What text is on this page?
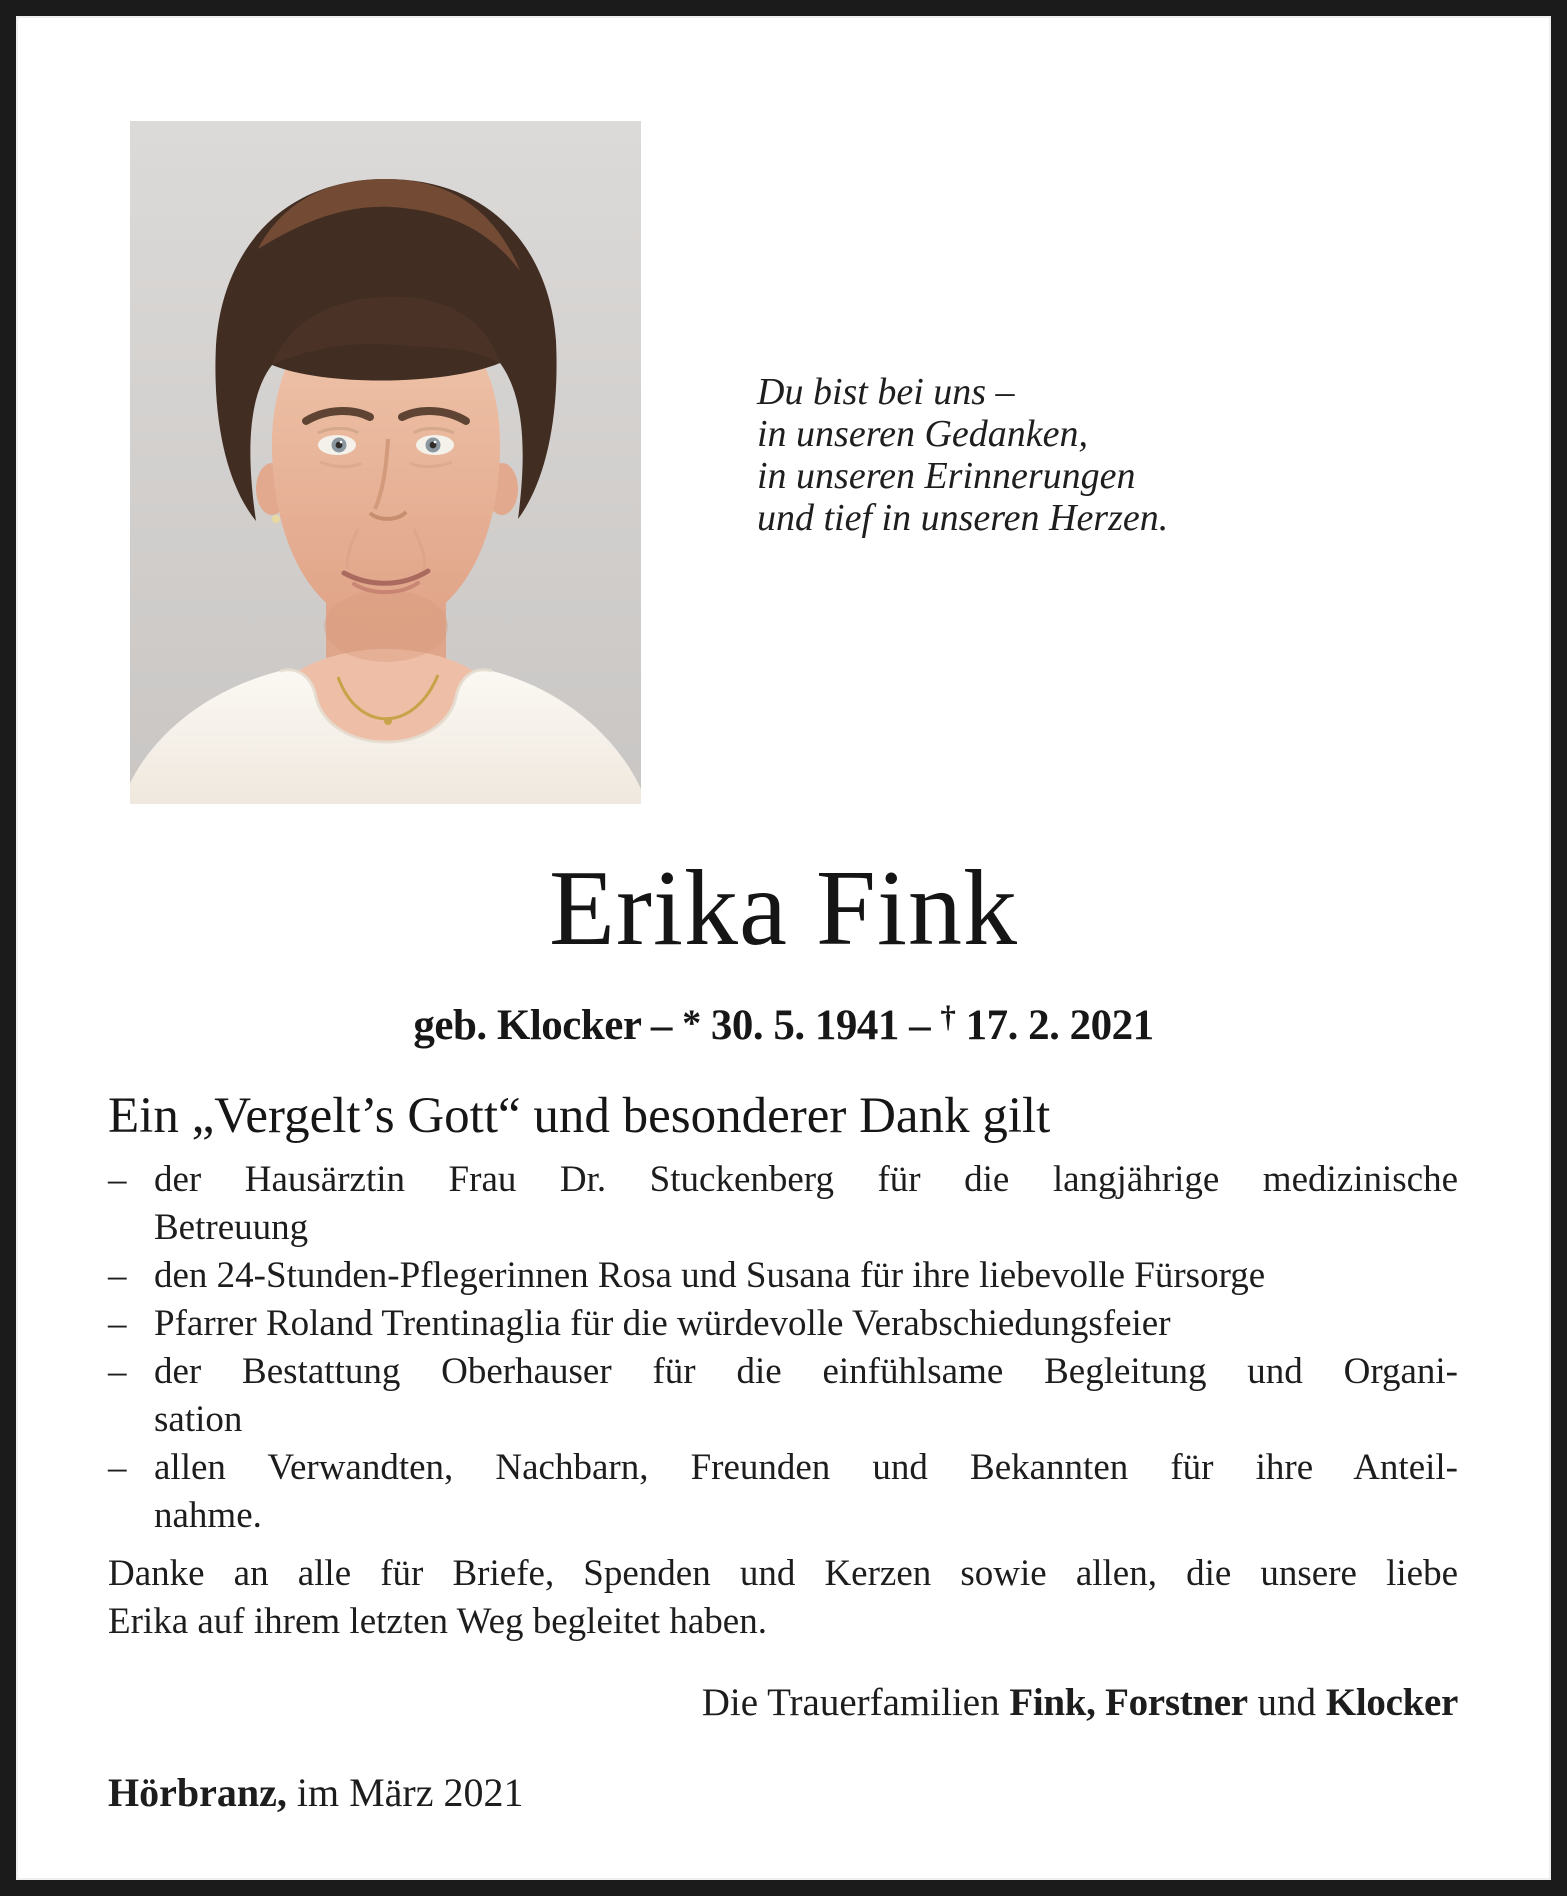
Du bist bei uns –
in unseren Gedanken,
in unseren Erinnerungen
und tief in unseren Herzen.
Erika Fink
geb. Klocker – * 30. 5. 1941 – † 17. 2. 2021
Ein „Vergelt’s Gott“ und besonderer Dank gilt
– der Hausärztin Frau Dr. Stuckenberg für die langjährige medizinische
Betreuung
– den 24-Stunden-Pflegerinnen Rosa und Susana für ihre liebevolle Fürsorge
– Pfarrer Roland Trentinaglia für die würdevolle Verabschiedungsfeier
– der Bestattung Oberhauser für die einfühlsame Begleitung und Organi-
sation
– allen Verwandten, Nachbarn, Freunden und Bekannten für ihre Anteil-
nahme.

Danke an alle für Briefe, Spenden und Kerzen sowie allen, die unsere liebe
Erika auf ihrem letzten Weg begleitet haben.

Die Trauerfamilien Fink, Forstner und Klocker

Hörbranz, im März 2021
